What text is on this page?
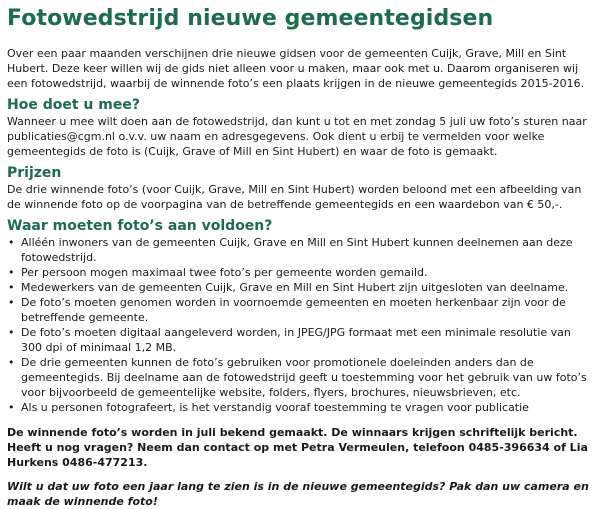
Fotowedstrijd nieuwe gemeentegidsen

Over een paar maanden verschijnen drie nieuwe gidsen voor de gemeenten Cuijk, Grave, Mill en Sint Hubert. Deze keer willen wij de gids niet alleen voor u maken, maar ook met u. Daarom organiseren wij een fotowedstrijd, waarbij de winnende foto’s een plaats krijgen in de nieuwe gemeentegids 2015-2016.

Hoe doet u mee?

Wanneer u mee wilt doen aan de fotowedstrijd, dan kunt u tot en met zondag 5 juli uw foto’s sturen naar publicaties@cgm.nl o.v.v. uw naam en adresgegevens. Ook dient u erbij te vermelden voor welke gemeentegids de foto is (Cuijk, Grave of Mill en Sint Hubert) en waar de foto is gemaakt.

Prijzen

De drie winnende foto’s (voor Cuijk, Grave, Mill en Sint Hubert) worden beloond met een afbeelding van de winnende foto op de voorpagina van de betreffende gemeentegids en een waardebon van € 50,-.

Waar moeten foto’s aan voldoen?
• Alléén inwoners van de gemeenten Cuijk, Grave en Mill en Sint Hubert kunnen deelnemen aan deze fotowedstrijd.
• Per persoon mogen maximaal twee foto’s per gemeente worden gemaild.
• Medewerkers van de gemeenten Cuijk, Grave en Mill en Sint Hubert zijn uitgesloten van deelname.
• De foto’s moeten genomen worden in voornoemde gemeenten en moeten herkenbaar zijn voor de betreffende gemeente.
• De foto’s moeten digitaal aangeleverd worden, in JPEG/JPG formaat met een minimale resolutie van 300 dpi of minimaal 1,2 MB.
• De drie gemeenten kunnen de foto’s gebruiken voor promotionele doeleinden anders dan de gemeentegids. Bij deelname aan de fotowedstrijd geeft u toestemming voor het gebruik van uw foto’s voor bijvoorbeeld de gemeentelijke website, folders, flyers, brochures, nieuwsbrieven, etc.
• Als u personen fotografeert, is het verstandig vooraf toestemming te vragen voor publicatie

De winnende foto’s worden in juli bekend gemaakt. De winnaars krijgen schriftelijk bericht. Heeft u nog vragen? Neem dan contact op met Petra Vermeulen, telefoon 0485-396634 of Lia Hurkens 0486-477213.

Wilt u dat uw foto een jaar lang te zien is in de nieuwe gemeentegids? Pak dan uw camera en maak de winnende foto!
